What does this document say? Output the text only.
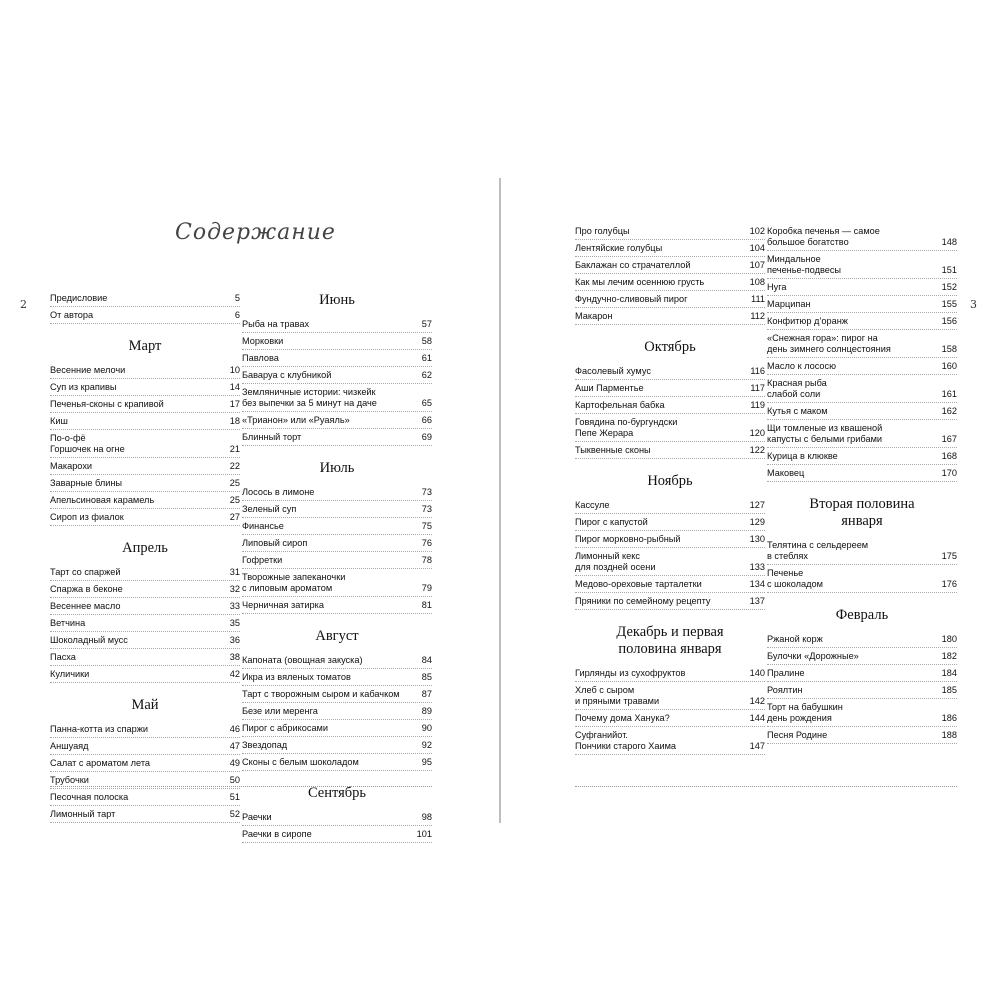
2	3
Содержание
Предисловие	5
От автора	6
Март
Весенние мелочи	10
Суп из крапивы	14
Печенья-сконы с крапивой	17
Киш	18
По-о-фё
Горшочек на огне	21
Макарохи	22
Заварные блины	25
Апельсиновая карамель	25
Сироп из фиалок	27
Апрель
Тарт со спаржей	31
Спаржа в беконе	32
Весеннее масло	33
Ветчина	35
Шоколадный мусс	36
Пасха	38
Куличики	42
Май
Панна-котта из спаржи	46
Аншуаяд	47
Салат с ароматом лета	49
Трубочки	50
Песочная полоска	51
Лимонный тарт	52
Июнь
Рыба на травах	57
Морковки	58
Павлова	61
Баваруа с клубникой	62
Земляничные истории: чизкейк
без выпечки за 5 минут на даче	65
«Трианон» или «Руаяль»	66
Блинный торт	69
Июль
Лосось в лимоне	73
Зеленый суп	73
Финансье	75
Липовый сироп	76
Гофретки	78
Творожные запеканочки
с липовым ароматом	79
Черничная затирка	81
Август
Капоната (овощная закуска)	84
Икра из вяленых томатов	85
Тарт с творожным сыром и кабачком	87
Безе или меренга	89
Пирог с абрикосами	90
Звездопад	92
Сконы с белым шоколадом	95
Сентябрь
Раечки	98
Раечки в сиропе	101
Про голубцы	102
Лентяйские голубцы	104
Баклажан со страчателлой	107
Как мы лечим осеннюю грусть	108
Фундучно-сливовый пирог	111
Макарон	112
Октябрь
Фасолевый хумус	116
Аши Парментье	117
Картофельная бабка	119
Говядина по-бургундски
Пепе Жерара	120
Тыквенные сконы	122
Ноябрь
Кассуле	127
Пирог с капустой	129
Пирог морковно-рыбный	130
Лимонный кекс
для поздней осени	133
Медово-ореховые тарталетки	134
Пряники по семейному рецепту	137
Декабрь и первая
половина января
Гирлянды из сухофруктов	140
Хлеб с сыром
и пряными травами	142
Почему дома Ханука?	144
Суфганийот.
Пончики старого Хаима	147
Коробка печенья — самое
большое богатство	148
Миндальное
печенье-подвесы	151
Нуга	152
Марципан	155
Конфитюр д’оранж	156
«Снежная гора»: пирог на
день зимнего солнцестояния	158
Масло к лососю	160
Красная рыба
слабой соли	161
Кутья с маком	162
Щи томленые из квашеной
капусты с белыми грибами	167
Курица в клюкве	168
Маковец	170
Вторая половина
января
Телятина с сельдереем
в стеблях	175
Печенье
с шоколадом	176
Февраль
Ржаной корж	180
Булочки «Дорожные»	182
Пралине	184
Роялтин	185
Торт на бабушкин
день рождения	186
Песня Родине	188
